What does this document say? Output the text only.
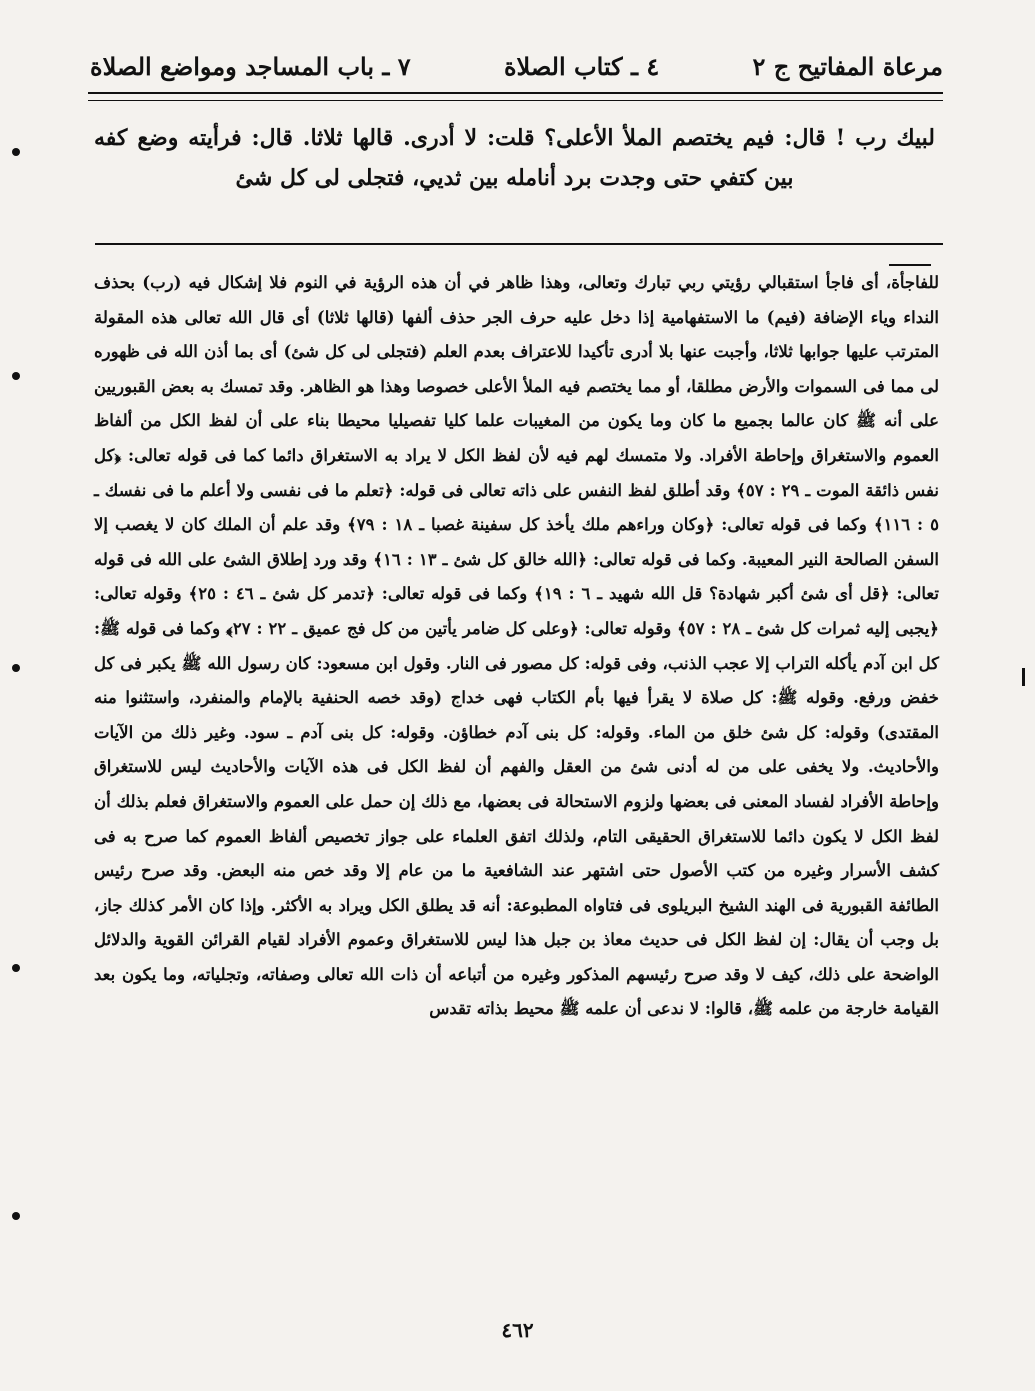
مرعاة المفاتيح ج ٢
٤ ـ كتاب الصلاة
٧ ـ باب المساجد ومواضع الصلاة
لبيك رب ! قال: فيم يختصم الملأ الأعلى؟ قلت: لا أدرى. قالها ثلاثا. قال: فرأيته وضع كفه بين كتفي حتى وجدت برد أنامله بين ثديي، فتجلى لى كل شئ

للفاجأة، أى فاجأ استقبالي رؤيتي ربي تبارك وتعالى، وهذا ظاهر في أن هذه الرؤية في النوم فلا إشكال فيه (رب) بحذف النداء وياء الإضافة (فيم) ما الاستفهامية إذا دخل عليه حرف الجر حذف ألفها (قالها ثلاثا) أى قال الله تعالى هذه المقولة المترتب عليها جوابها ثلاثا، وأجبت عنها بلا أدرى تأكيدا للاعتراف بعدم العلم (فتجلى لى كل شئ) أى بما أذن الله فى ظهوره لى مما فى السموات والأرض مطلقا، أو مما يختصم فيه الملأ الأعلى خصوصا وهذا هو الظاهر. وقد تمسك به بعض القبوريين على أنه ﷺ كان عالما بجميع ما كان وما يكون من المغيبات علما كليا تفصيليا محيطا بناء على أن لفظ الكل من ألفاظ العموم والاستغراق وإحاطة الأفراد. ولا متمسك لهم فيه لأن لفظ الكل لا يراد به الاستغراق دائما كما فى قوله تعالى: ﴿كل نفس ذائقة الموت ـ ٢٩ : ٥٧﴾ وقد أطلق لفظ النفس على ذاته تعالى فى قوله: ﴿تعلم ما فى نفسى ولا أعلم ما فى نفسك ـ ٥ : ١١٦﴾ وكما فى قوله تعالى: ﴿وكان وراءهم ملك يأخذ كل سفينة غصبا ـ ١٨ : ٧٩﴾ وقد علم أن الملك كان لا يغصب إلا السفن الصالحة النير المعيبة. وكما فى قوله تعالى: ﴿الله خالق كل شئ ـ ١٣ : ١٦﴾ وقد ورد إطلاق الشئ على الله فى قوله تعالى: ﴿قل أى شئ أكبر شهادة؟ قل الله شهيد ـ ٦ : ١٩﴾ وكما فى قوله تعالى: ﴿تدمر كل شئ ـ ٤٦ : ٢٥﴾ وقوله تعالى: ﴿يجبى إليه ثمرات كل شئ ـ ٢٨ : ٥٧﴾ وقوله تعالى: ﴿وعلى كل ضامر يأتين من كل فج عميق ـ ٢٢ : ٢٧﴾ وكما فى قوله ﷺ: كل ابن آدم يأكله التراب إلا عجب الذنب، وفى قوله: كل مصور فى النار. وقول ابن مسعود: كان رسول الله ﷺ يكبر فى كل خفض ورفع. وقوله ﷺ: كل صلاة لا يقرأ فيها بأم الكتاب فهى خداج (وقد خصه الحنفية بالإمام والمنفرد، واستثنوا منه المقتدى) وقوله: كل شئ خلق من الماء. وقوله: كل بنى آدم خطاؤن. وقوله: كل بنى آدم ـ سود. وغير ذلك من الآيات والأحاديث. ولا يخفى على من له أدنى شئ من العقل والفهم أن لفظ الكل فى هذه الآيات والأحاديث ليس للاستغراق وإحاطة الأفراد لفساد المعنى فى بعضها ولزوم الاستحالة فى بعضها، مع ذلك إن حمل على العموم والاستغراق فعلم بذلك أن لفظ الكل لا يكون دائما للاستغراق الحقيقى التام، ولذلك اتفق العلماء على جواز تخصيص ألفاظ العموم كما صرح به فى كشف الأسرار وغيره من كتب الأصول حتى اشتهر عند الشافعية ما من عام إلا وقد خص منه البعض. وقد صرح رئيس الطائفة القبورية فى الهند الشيخ البريلوى فى فتاواه المطبوعة: أنه قد يطلق الكل ويراد به الأكثر. وإذا كان الأمر كذلك جاز، بل وجب أن يقال: إن لفظ الكل فى حديث معاذ بن جبل هذا ليس للاستغراق وعموم الأفراد لقيام القرائن القوية والدلائل الواضحة على ذلك، كيف لا وقد صرح رئيسهم المذكور وغيره من أتباعه أن ذات الله تعالى وصفاته، وتجلياته، وما يكون بعد القيامة خارجة من علمه ﷺ، قالوا: لا ندعى أن علمه ﷺ محيط بذاته تقدس

٤٦٢
